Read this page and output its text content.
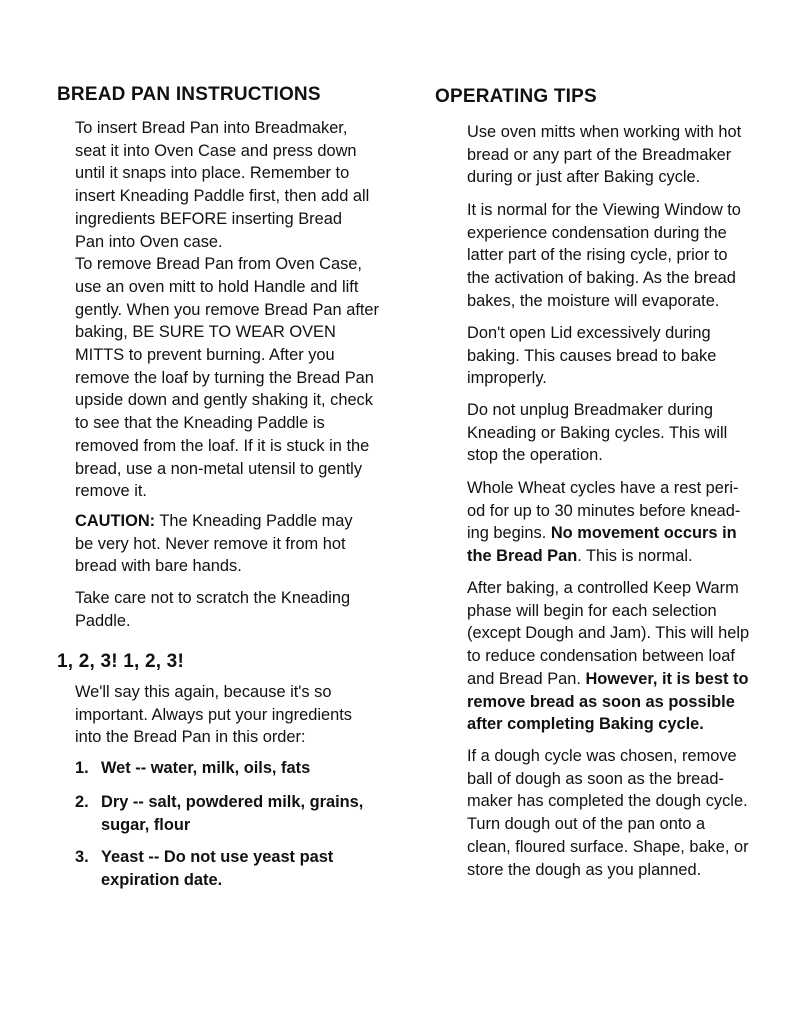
BREAD PAN INSTRUCTIONS
1, 2, 3! 1, 2, 3!
To insert Bread Pan into Breadmaker,
seat it into Oven Case and press down
until it snaps into place. Remember to
insert Kneading Paddle first, then add all
ingredients BEFORE inserting Bread
Pan into Oven case.
To remove Bread Pan from Oven Case,
use an oven mitt to hold Handle and lift
gently. When you remove Bread Pan after
baking, BE SURE TO WEAR OVEN
MITTS to prevent burning. After you
remove the loaf by turning the Bread Pan
upside down and gently shaking it, check
to see that the Kneading Paddle is
removed from the loaf. If it is stuck in the
bread, use a non-metal utensil to gently
remove it.
CAUTION: The Kneading Paddle may
be very hot. Never remove it from hot
bread with bare hands.
Take care not to scratch the Kneading
Paddle.
We'll say this again, because it's so
important. Always put your ingredients
into the Bread Pan in this order:
1. Wet -- water, milk, oils, fats
2. Dry -- salt, powdered milk, grains,
sugar, flour
3. Yeast -- Do not use yeast past
expiration date.
OPERATING TIPS
Use oven mitts when working with hot
bread or any part of the Breadmaker
during or just after Baking cycle.
It is normal for the Viewing Window to
experience condensation during the
latter part of the rising cycle, prior to
the activation of baking. As the bread
bakes, the moisture will evaporate.
Don't open Lid excessively during
baking. This causes bread to bake
improperly.
Do not unplug Breadmaker during
Kneading or Baking cycles. This will
stop the operation.
Whole Wheat cycles have a rest peri-
od for up to 30 minutes before knead-
ing begins. No movement occurs in
the Bread Pan. This is normal.
After baking, a controlled Keep Warm
phase will begin for each selection
(except Dough and Jam). This will help
to reduce condensation between loaf
and Bread Pan. However, it is best to
remove bread as soon as possible
after completing Baking cycle.
If a dough cycle was chosen, remove
ball of dough as soon as the bread-
maker has completed the dough cycle.
Turn dough out of the pan onto a
clean, floured surface. Shape, bake, or
store the dough as you planned.
